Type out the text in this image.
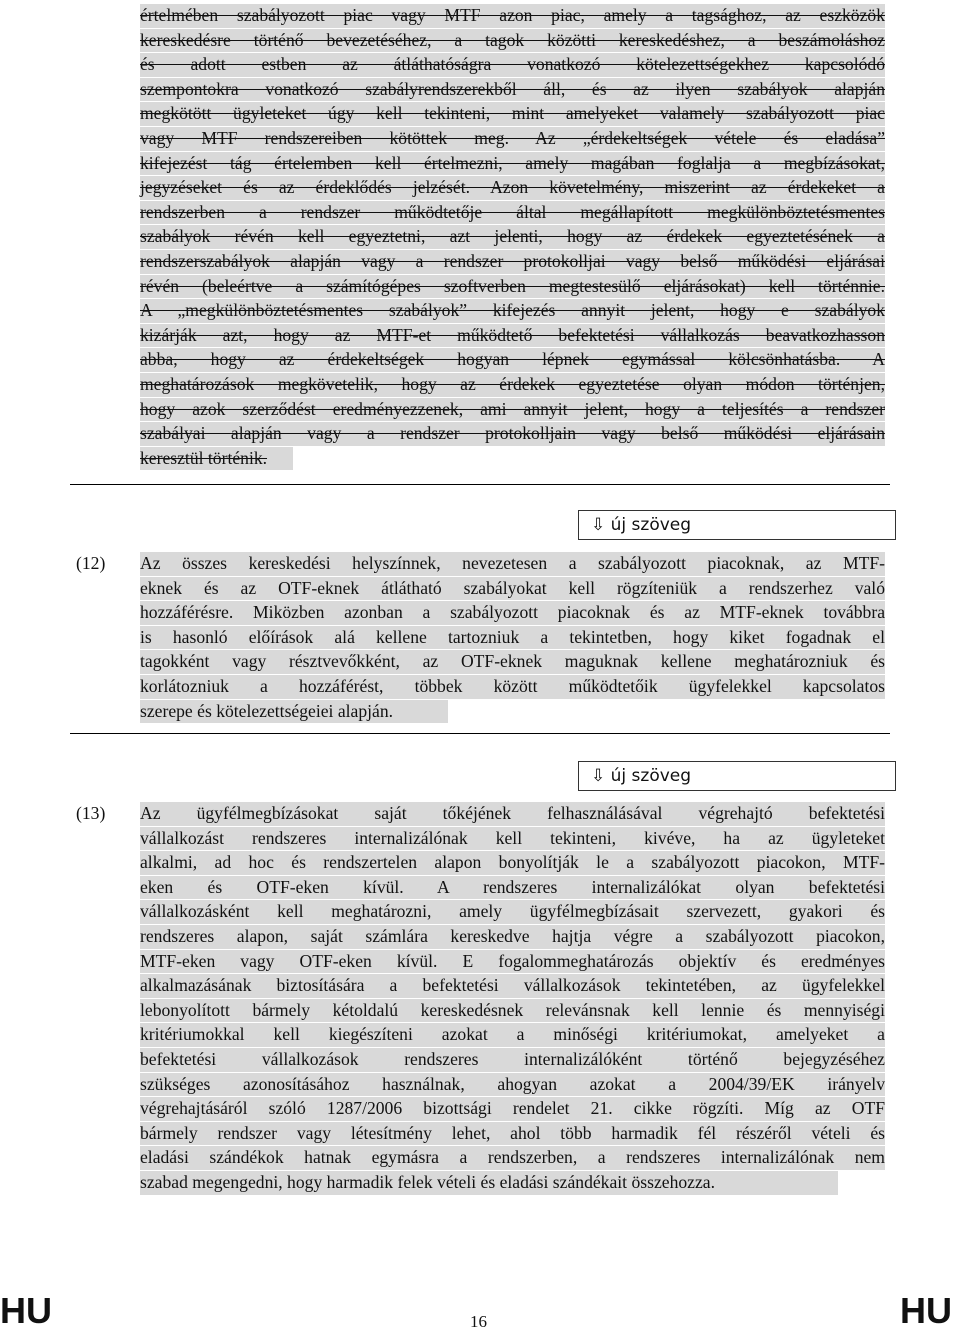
értelmében szabályozott piac vagy MTF azon piac, amely a tagsághoz, az eszközök
kereskedésre történő bevezetéséhez, a tagok közötti kereskedéshez, a beszámoláshoz
és adott estben az átláthatóságra vonatkozó kötelezettségekhez kapcsolódó
szempontokra vonatkozó szabályrendszerekből áll, és az ilyen szabályok alapján
megkötött ügyleteket úgy kell tekinteni, mint amelyeket valamely szabályozott piac
vagy MTF rendszereiben kötöttek meg. Az „érdekeltségek vétele és eladása”
kifejezést tág értelemben kell értelmezni, amely magában foglalja a megbízásokat,
jegyzéseket és az érdeklődés jelzését. Azon követelmény, miszerint az érdekeket a
rendszerben a rendszer működtetője által megállapított megkülönböztetésmentes
szabályok révén kell egyeztetni, azt jelenti, hogy az érdekek egyeztetésének a
rendszerszabályok alapján vagy a rendszer protokolljai vagy belső működési eljárásai
révén (beleértve a számítógépes szoftverben megtestesülő eljárásokat) kell történnie.
A „megkülönböztetésmentes szabályok” kifejezés annyit jelent, hogy e szabályok
kizárják azt, hogy az MTF-et működtető befektetési vállalkozás beavatkozhasson
abba, hogy az érdekeltségek hogyan lépnek egymással kölcsönhatásba. A
meghatározások megkövetelik, hogy az érdekek egyeztetése olyan módon történjen,
hogy azok szerződést eredményezzenek, ami annyit jelent, hogy a teljesítés a rendszer
szabályai alapján vagy a rendszer protokolljain vagy belső működési eljárásain
keresztül történik.
⇩ új szöveg
(12) Az összes kereskedési helyszínnek, nevezetesen a szabályozott piacoknak, az MTF-
eknek és az OTF-eknek átlátható szabályokat kell rögzíteniük a rendszerhez való
hozzáférésre. Miközben azonban a szabályozott piacoknak és az MTF-eknek továbbra
is hasonló előírások alá kellene tartozniuk a tekintetben, hogy kiket fogadnak el
tagokként vagy résztvevőkként, az OTF-eknek maguknak kellene meghatározniuk és
korlátozniuk a hozzáférést, többek között működtetőik ügyfelekkel kapcsolatos
szerepe és kötelezettségeiei alapján.
⇩ új szöveg
(13) Az ügyfélmegbízásokat saját tőkéjének felhasználásával végrehajtó befektetési
vállalkozást rendszeres internalizálónak kell tekinteni, kivéve, ha az ügyleteket
alkalmi, ad hoc és rendszertelen alapon bonyolítják le a szabályozott piacokon, MTF-
eken és OTF-eken kívül. A rendszeres internalizálókat olyan befektetési
vállalkozásként kell meghatározni, amely ügyfélmegbízásait szervezett, gyakori és
rendszeres alapon, saját számlára kereskedve hajtja végre a szabályozott piacokon,
MTF-eken vagy OTF-eken kívül. E fogalommeghatározás objektív és eredményes
alkalmazásának biztosítására a befektetési vállalkozások tekintetében, az ügyfelekkel
lebonyolított bármely kétoldalú kereskedésnek relevánsnak kell lennie és mennyiségi
kritériumokkal kell kiegészíteni azokat a minőségi kritériumokat, amelyeket a
befektetési vállalkozások rendszeres internalizálóként történő bejegyzéséhez
szükséges azonosításához használnak, ahogyan azokat a 2004/39/EK irányelv
végrehajtásáról szóló 1287/2006 bizottsági rendelet 21. cikke rögzíti. Míg az OTF
bármely rendszer vagy létesítmény lehet, ahol több harmadik fél részéről vételi és
eladási szándékok hatnak egymásra a rendszerben, a rendszeres internalizálónak nem
szabad megengedni, hogy harmadik felek vételi és eladási szándékait összehozza.
HU	16	HU
